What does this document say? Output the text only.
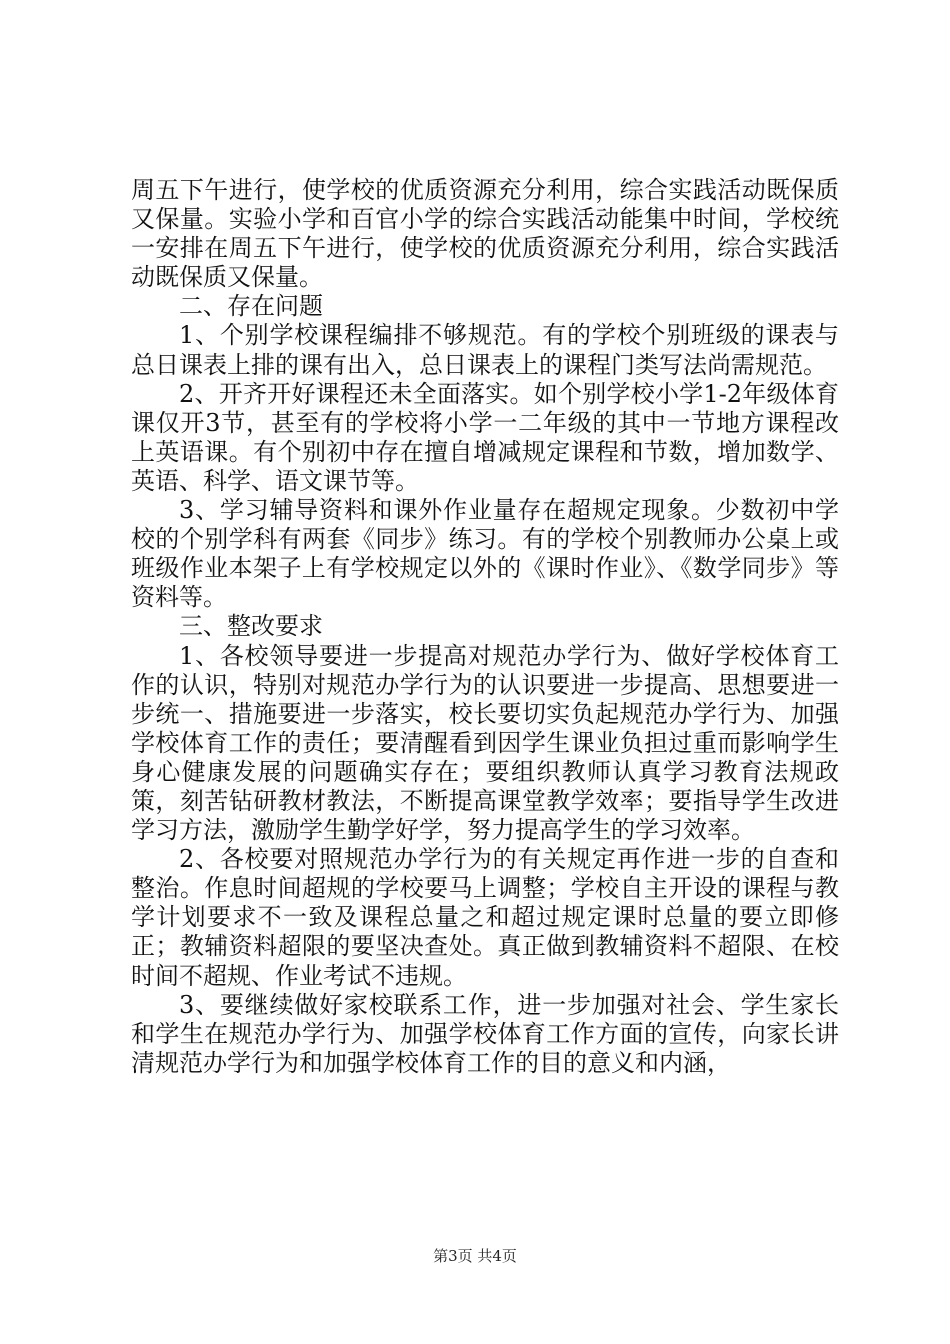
周五下午进行，使学校的优质资源充分利用，综合实践活动既保质又保量。实验小学和百官小学的综合实践活动能集中时间，学校统一安排在周五下午进行，使学校的优质资源充分利用，综合实践活动既保质又保量。

二、存在问题

1、个别学校课程编排不够规范。有的学校个别班级的课表与总日课表上排的课有出入，总日课表上的课程门类写法尚需规范。

2、开齐开好课程还未全面落实。如个别学校小学1-2年级体育课仅开3节，甚至有的学校将小学一二年级的其中一节地方课程改上英语课。有个别初中存在擅自增减规定课程和节数，增加数学、英语、科学、语文课节等。

3、学习辅导资料和课外作业量存在超规定现象。少数初中学校的个别学科有两套《同步》练习。有的学校个别教师办公桌上或班级作业本架子上有学校规定以外的《课时作业》、《数学同步》等资料等。

三、整改要求

1、各校领导要进一步提高对规范办学行为、做好学校体育工作的认识，特别对规范办学行为的认识要进一步提高、思想要进一步统一、措施要进一步落实，校长要切实负起规范办学行为、加强学校体育工作的责任；要清醒看到因学生课业负担过重而影响学生身心健康发展的问题确实存在；要组织教师认真学习教育法规政策，刻苦钻研教材教法，不断提高课堂教学效率；要指导学生改进学习方法，激励学生勤学好学，努力提高学生的学习效率。

2、各校要对照规范办学行为的有关规定再作进一步的自查和整治。作息时间超规的学校要马上调整；学校自主开设的课程与教学计划要求不一致及课程总量之和超过规定课时总量的要立即修正；教辅资料超限的要坚决查处。真正做到教辅资料不超限、在校时间不超规、作业考试不违规。

3、要继续做好家校联系工作，进一步加强对社会、学生家长和学生在规范办学行为、加强学校体育工作方面的宣传，向家长讲清规范办学行为和加强学校体育工作的目的意义和内涵，

第3页 共4页
